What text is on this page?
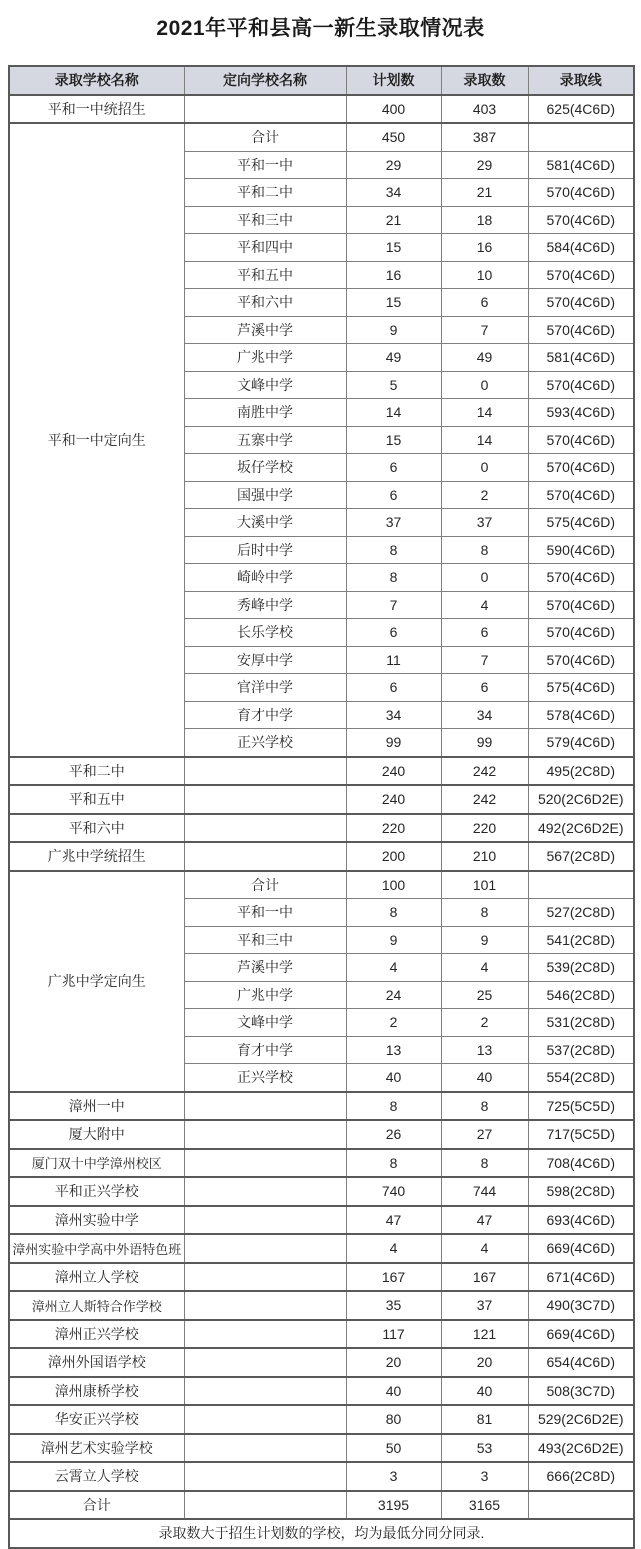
2021年平和县高一新生录取情况表
录取学校名称	定向学校名称	计划数	录取数	录取线
平和一中统招生		400	403	625(4C6D)
平和一中定向生	合计	450	387	
	平和一中	29	29	581(4C6D)
	平和二中	34	21	570(4C6D)
	平和三中	21	18	570(4C6D)
	平和四中	15	16	584(4C6D)
	平和五中	16	10	570(4C6D)
	平和六中	15	6	570(4C6D)
	芦溪中学	9	7	570(4C6D)
	广兆中学	49	49	581(4C6D)
	文峰中学	5	0	570(4C6D)
	南胜中学	14	14	593(4C6D)
	五寨中学	15	14	570(4C6D)
	坂仔学校	6	0	570(4C6D)
	国强中学	6	2	570(4C6D)
	大溪中学	37	37	575(4C6D)
	后时中学	8	8	590(4C6D)
	崎岭中学	8	0	570(4C6D)
	秀峰中学	7	4	570(4C6D)
	长乐学校	6	6	570(4C6D)
	安厚中学	11	7	570(4C6D)
	官洋中学	6	6	575(4C6D)
	育才中学	34	34	578(4C6D)
	正兴学校	99	99	579(4C6D)
平和二中		240	242	495(2C8D)
平和五中		240	242	520(2C6D2E)
平和六中		220	220	492(2C6D2E)
广兆中学统招生		200	210	567(2C8D)
广兆中学定向生	合计	100	101	
	平和一中	8	8	527(2C8D)
	平和三中	9	9	541(2C8D)
	芦溪中学	4	4	539(2C8D)
	广兆中学	24	25	546(2C8D)
	文峰中学	2	2	531(2C8D)
	育才中学	13	13	537(2C8D)
	正兴学校	40	40	554(2C8D)
漳州一中		8	8	725(5C5D)
厦大附中		26	27	717(5C5D)
厦门双十中学漳州校区		8	8	708(4C6D)
平和正兴学校		740	744	598(2C8D)
漳州实验中学		47	47	693(4C6D)
漳州实验中学高中外语特色班		4	4	669(4C6D)
漳州立人学校		167	167	671(4C6D)
漳州立人斯特合作学校		35	37	490(3C7D)
漳州正兴学校		117	121	669(4C6D)
漳州外国语学校		20	20	654(4C6D)
漳州康桥学校		40	40	508(3C7D)
华安正兴学校		80	81	529(2C6D2E)
漳州艺术实验学校		50	53	493(2C6D2E)
云霄立人学校		3	3	666(2C8D)
合计		3195	3165	
录取数大于招生计划数的学校，均为最低分同分同录.				
